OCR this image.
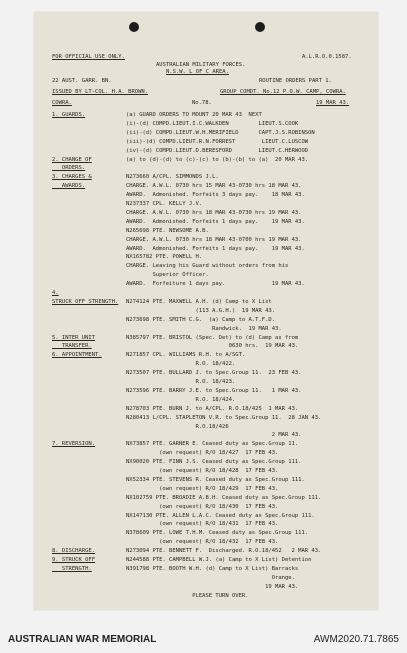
FOR OFFICIAL USE ONLY.	A.L.R.O.0.1587.
AUSTRALIAN MILITARY FORCES.
N.S.W. L OF C AREA.
22 AUST. GARR. BN.	ROUTINE ORDERS PART 1.
ISSUED BY LT-COL. H.A. BROWN.	GROUP COMDT. No.12 P.O.W. CAMP, COWRA.
COWRA.	No.78.	19 MAR 43.
1. GUARDS.	(a) GUARD ORDERS TO MOUNT 20 MAR 43  NEXT
(i)-(d) COMPD.LIEUT.I.C.WALKDEN         LIEUT.S.COOK
(ii)-(d) COMPD.LIEUT.W.H.MERIFIELD      CAPT.J.S.ROBINSON
(iii)-(d) COMPD.LIEUT.R.N.FORREST        LIEUT.C.LUSCOW
(iv)-(d) COMPD.LIEUT.D.BERESFORD        LIEUT.C.HERWOOD
2. CHANGE OF	(a) to (d)-(d) to (c)-(c) to (b)-(b) to (a)  20 MAR 43.
ORDERS.
3. CHARGES &	N273660 A/CPL. SIMMONDS J.L.
AWARDS.	CHARGE. A.W.L. 0730 hrs 15 MAR 43-0730 hrs 18 MAR 43.
AWARD.  Admonished. Forfeits 3 days pay.    18 MAR 43.
N237337 CPL. KELLY J.V.
CHARGE. A.W.L. 0730 hrs 18 MAR 43-0730 hrs 19 MAR 43.
AWARD.  Admonished. Forfeits 1 days pay.    19 MAR 43.
N265698 PTE. NEWSOME A.B.
CHARGE. A.W.L. 0730 hrs 18 MAR 43-0700 hrs 19 MAR 43.
AWARD.  Admonished. Forfeits 1 days pay.    19 MAR 43.
NX165782 PTE. POWELL H.
CHARGE. Leaving his Guard without orders from his
Superior Officer.
AWARD.  Forfeiture 1 days pay.              19 MAR 43.
4.
STRUCK OFF STRENGTH. N274124 PTE. MAXWELL A.H. (d) Camp to X List
(113 A.G.H.)  19 MAR 43.
N273698 PTE. SMITH C.G.  (a) Camp to A.T.F.D.
Randwick.  19 MAR 43.
5. INTER UNIT	N385797 PTE. BRISTOL (Spec. Det) to (d) Camp as from
TRANSFER.	0630 hrs.  19 MAR 43.
6. APPOINTMENT.	N271857 CPL. WILLIAMS R.H. to A/SGT.
R.O. 18/422.
N273507 PTE. BULLARD J. to Spec.Group 11.  23 FEB 43.
R.O. 18/423.
N273596 PTE. BARRY J.E. to Spec.Group 11.   1 MAR 43.
R.O. 18/424.
N278703 PTE. BURN J. to A/CPL. R.O.18/425  1 MAR 43.
N280413 L/CPL. STAPLETON V.R. to Spec.Group 11.  28 JAN 43.
R.O.18/426
2 MAR 43.
7. REVERSION.	NX73857 PTE. GARNER E. Ceased duty as Spec.Group 11.
(own request) R/O 18/427  17 FEB 43.
NX90020 PTE. FINN J.S. Ceased duty as Spec.Group 111.
(own request) R/O 18/428  17 FEB 43.
NX52334 PTE. STEVENS R. Ceased duty as Spec.Group 111.
(own request) R/O 18/429  17 FEB 43.
NX102759 PTE. BROADIE A.B.H. Ceased duty as Spec.Group 111.
(own request) R/O 18/430  17 FEB 43.
NX147130 PTE. ALLEN L.A.C. Ceased duty as Spec.Group 111.
(own request) R/O 18/431  17 FEB 43.
N378609 PTE. LOWE T.H.M. Ceased duty as Spec.Group 111.
(own request) R/O 18/432  17 FEB 43.
8. DISCHARGE.	N273094 PTE. BENNETT F.  Discharged. R.O.18/452   2 MAR 43.
9. STRUCK OFF	N244588 PTE. CAMPBELL W.J. (a) Camp to X List) Detention
STRENGTH.	N391798 PTE. BOOTH W.H. (d) Camp to X List) Barracks
Orange.
19 MAR 43.
PLEASE TURN OVER.
AUSTRALIAN WAR MEMORIAL	AWM2020.71.7865
